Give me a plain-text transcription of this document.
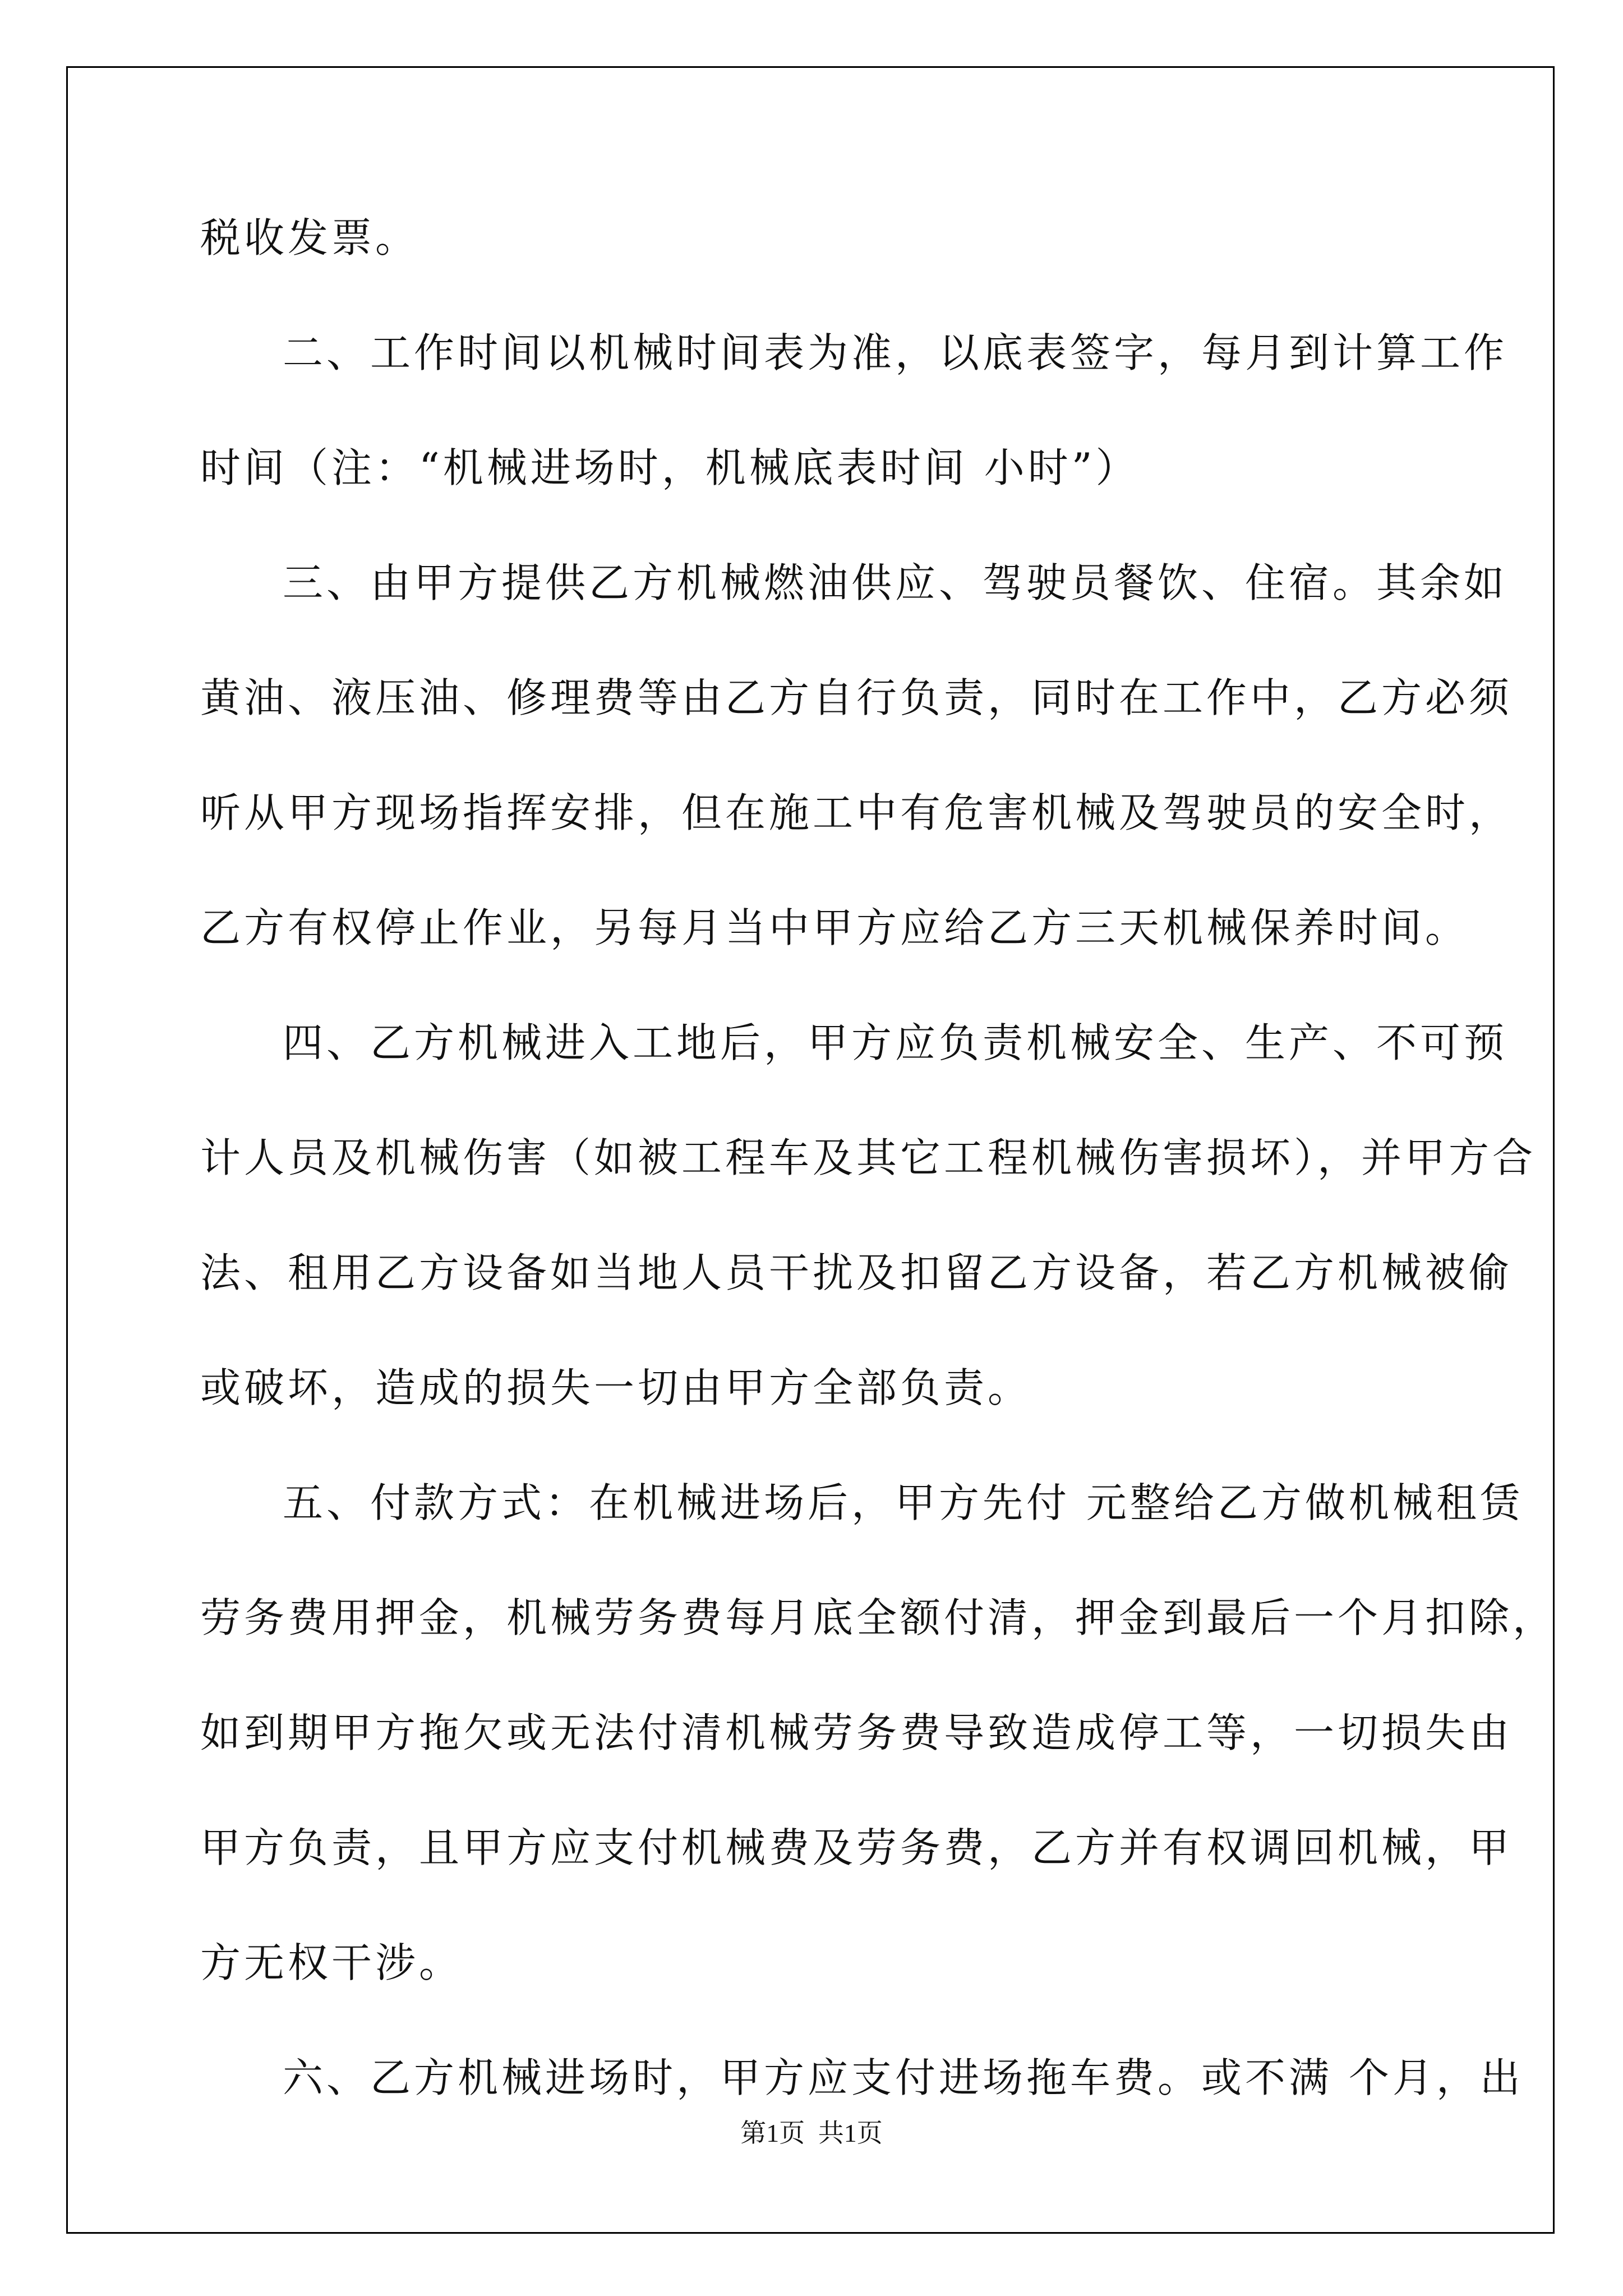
税收发票。
二、工作时间以机械时间表为准，以底表签字，每月到计算工作
时间（注：“机械进场时，机械底表时间 小时”）
三、由甲方提供乙方机械燃油供应、驾驶员餐饮、住宿。其余如
黄油、液压油、修理费等由乙方自行负责，同时在工作中，乙方必须
听从甲方现场指挥安排，但在施工中有危害机械及驾驶员的安全时，
乙方有权停止作业，另每月当中甲方应给乙方三天机械保养时间。
四、乙方机械进入工地后，甲方应负责机械安全、生产、不可预
计人员及机械伤害（如被工程车及其它工程机械伤害损坏），并甲方合
法、租用乙方设备如当地人员干扰及扣留乙方设备，若乙方机械被偷
或破坏，造成的损失一切由甲方全部负责。
五、付款方式：在机械进场后，甲方先付 元整给乙方做机械租赁
劳务费用押金，机械劳务费每月底全额付清，押金到最后一个月扣除，
如到期甲方拖欠或无法付清机械劳务费导致造成停工等，一切损失由
甲方负责，且甲方应支付机械费及劳务费，乙方并有权调回机械，甲
方无权干涉。
六、乙方机械进场时，甲方应支付进场拖车费。或不满 个月，出
第1页 共1页
